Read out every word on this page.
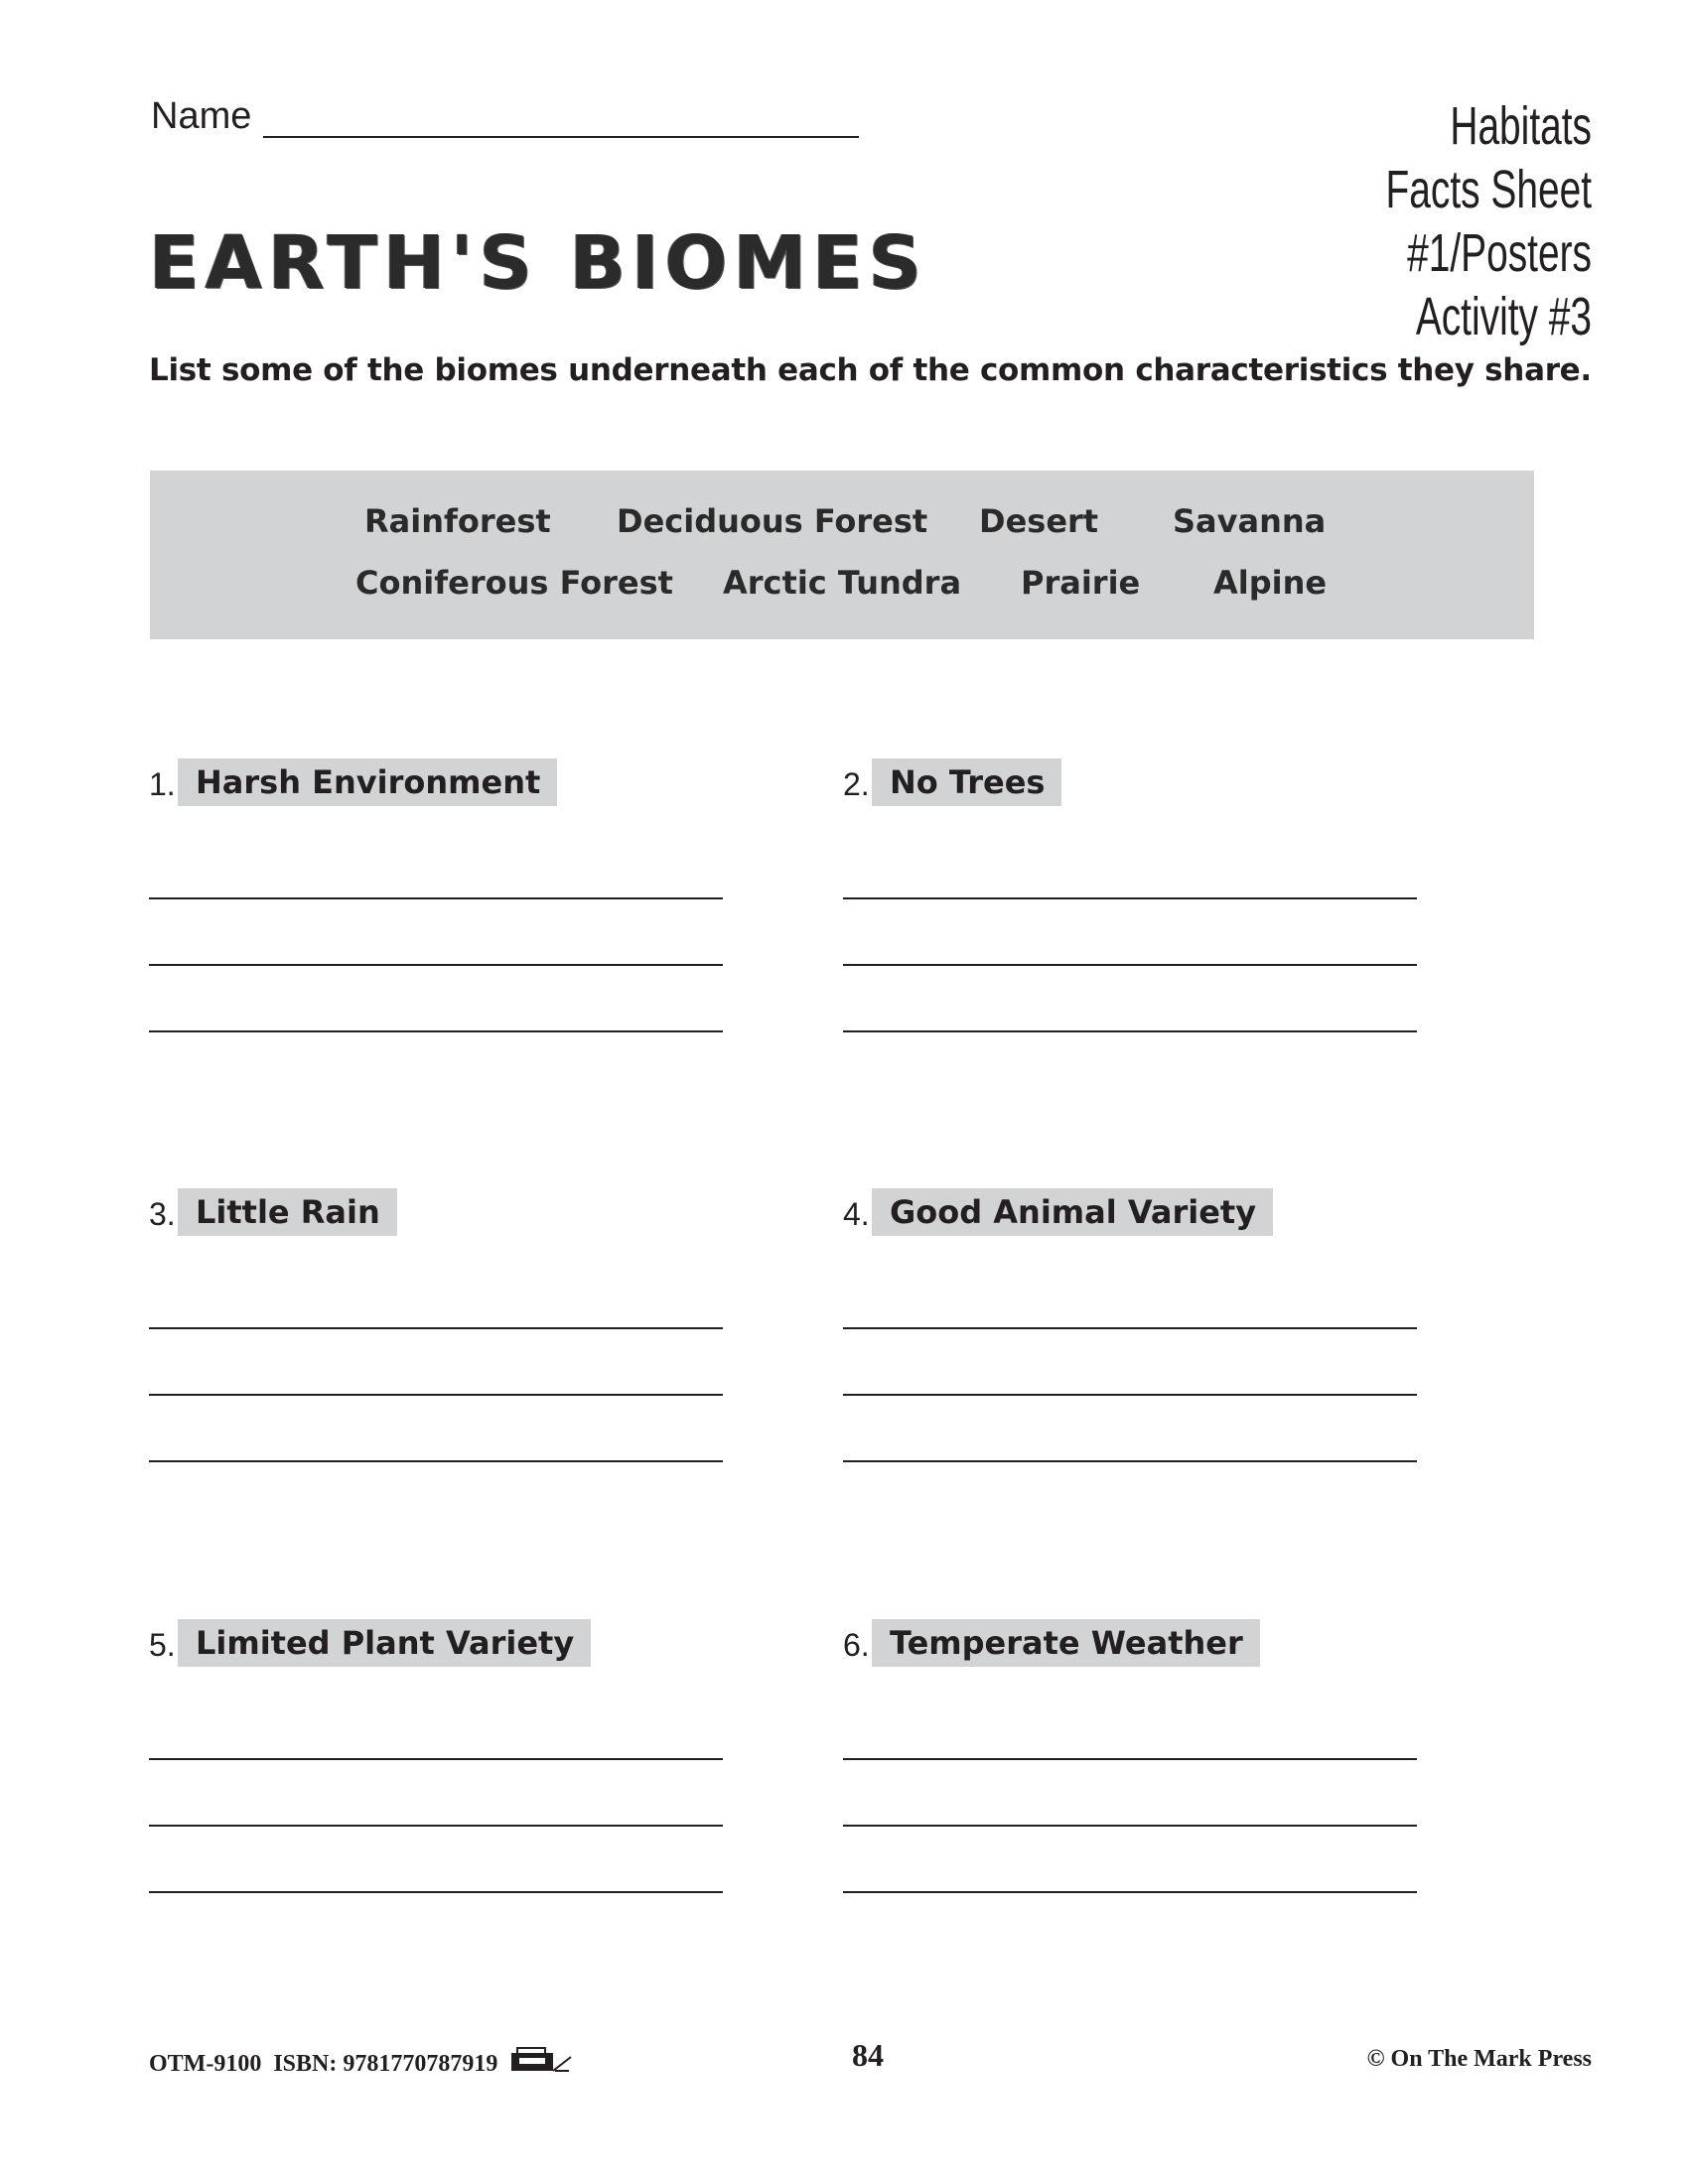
Name	Habitats
Facts Sheet #1/Posters
Activity #3
EARTH'S BIOMES
List some of the biomes underneath each of the common characteristics they share.
Rainforest Deciduous Forest Desert Savanna
Coniferous Forest Arctic Tundra Prairie Alpine
1. Harsh Environment	2. No Trees
3. Little Rain	4. Good Animal Variety
5. Limited Plant Variety	6. Temperate Weather
OTM-9100 ISBN: 9781770787919	84	© On The Mark Press
